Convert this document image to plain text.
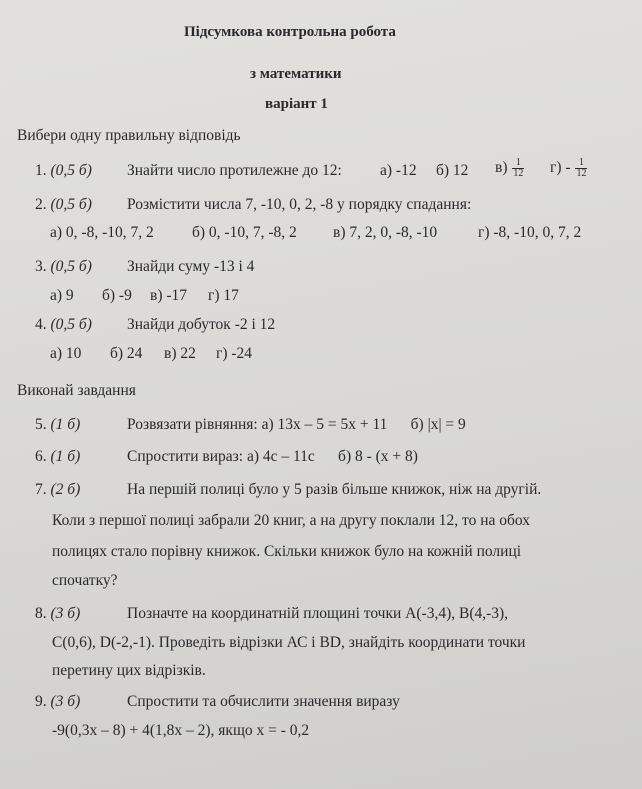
Підсумкова контрольна робота
з математики
варіант 1
Вибери одну правильну відповідь
1. (0,5 б) Знайти число протилежне до 12: а) -12 б) 12 $в) \frac{1}{12} г) - \frac{1}{12}$
2. (0,5 б) Розмістити числа 7, -10, 0, 2, -8 у порядку спадання:
а) 0, -8, -10, 7, 2 б) 0, -10, 7, -8, 2 в) 7, 2, 0, -8, -10	г) -8, -10, 0, 7, 2
3. (0,5 б) Знайди суму -13 і 4
а) 9 б) -9 в) -17 г) 17
4. (0,5 б) Знайди добуток -2 і 12
а) 10 б) 24 в) 22 г) -24
Виконай завдання
5. (1 б)	Розвязати рівняння: а) 13x – 5 = 5x + 11      б) |x| = 9
6. (1 б)	Спростити вираз: а) 4c – 11c      б) 8 - (x + 8)
7. (2 б)	На першій полиці було у 5 разів більше книжок, ніж на другій.
Коли з першої полиці забрали 20 книг, а на другу поклали 12, то на обох
полицях стало порівну книжок. Скільки книжок було на кожній полиці
спочатку?
8. (3 б)	Позначте на координатній площині точки А(-3,4), В(4,-3),
С(0,6), D(-2,-1). Проведіть відрізки АС і ВD, знайдіть координати точки
перетину цих відрізків.
9. (3 б)	Спростити та обчислити значення виразу
-9(0,3x – 8) + 4(1,8x – 2), якщо x = - 0,2
